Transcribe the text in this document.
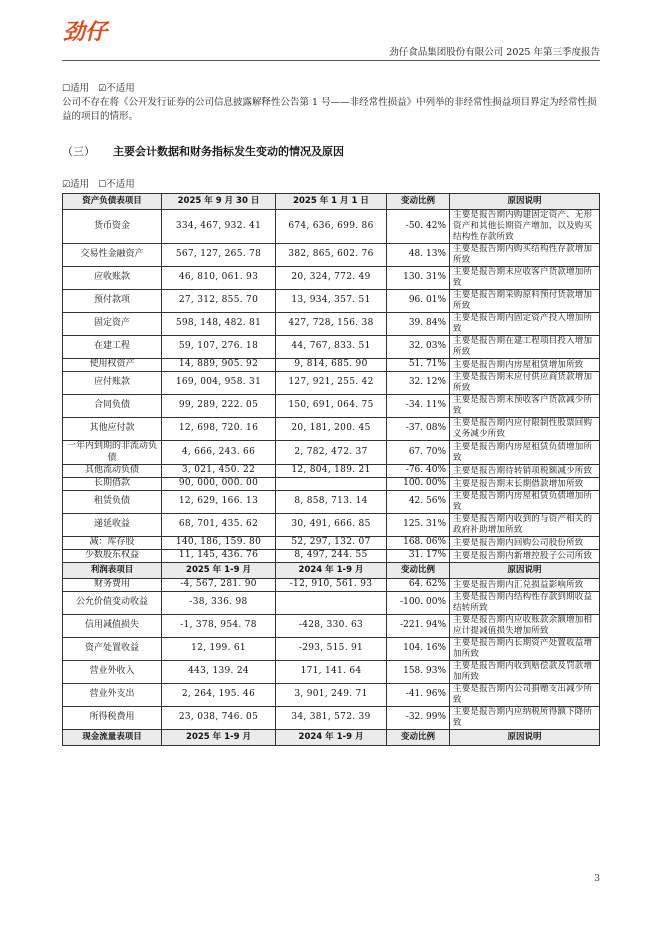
劲仔
劲仔食品集团股份有限公司 2025 年第三季度报告
☐适用 ☑不适用
公司不存在将《公开发行证券的公司信息披露解释性公告第 1 号——非经常性损益》中列举的非经常性损益项目界定为经常性损益的项目的情形。
（三） 主要会计数据和财务指标发生变动的情况及原因
☑适用 ☐不适用
资产负债表项目	2025 年 9 月 30 日	2025 年 1 月 1 日	变动比例	原因说明
货币资金	334, 467, 932. 41	674, 636, 699. 86	-50. 42%	主要是报告期内购建固定资产、无形资产和其他长期资产增加，以及购买结构性存款所致
交易性金融资产	567, 127, 265. 78	382, 865, 602. 76	48. 13%	主要是报告期内购买结构性存款增加所致
应收账款	46, 810, 061. 93	20, 324, 772. 49	130. 31%	主要是报告期末应收客户货款增加所致
预付款项	27, 312, 855. 70	13, 934, 357. 51	96. 01%	主要是报告期采购原料预付货款增加所致
固定资产	598, 148, 482. 81	427, 728, 156. 38	39. 84%	主要是报告期内固定资产投入增加所致
在建工程	59, 107, 276. 18	44, 767, 833. 51	32. 03%	主要是报告期在建工程项目投入增加所致
使用权资产	14, 889, 905. 92	9, 814, 685. 90	51. 71%	主要是报告期内房屋租赁增加所致
应付账款	169, 004, 958. 31	127, 921, 255. 42	32. 12%	主要是报告期末应付供应商货款增加所致
合同负债	99, 289, 222. 05	150, 691, 064. 75	-34. 11%	主要是报告期末预收客户货款减少所致
其他应付款	12, 698, 720. 16	20, 181, 200. 45	-37. 08%	主要是报告期内应付限制性股票回购义务减少所致
一年内到期的非流动负债	4, 666, 243. 66	2, 782, 472. 37	67. 70%	主要是报告期内房屋租赁负债增加所致
其他流动负债	3, 021, 450. 22	12, 804, 189. 21	-76. 40%	主要是报告期待转销项税额减少所致
长期借款	90, 000, 000. 00		100. 00%	主要是报告期末长期借款增加所致
租赁负债	12, 629, 166. 13	8, 858, 713. 14	42. 56%	主要是报告期内房屋租赁负债增加所致
递延收益	68, 701, 435. 62	30, 491, 666. 85	125. 31%	主要是报告期内收到的与资产相关的政府补助增加所致
减：库存股	140, 186, 159. 80	52, 297, 132. 07	168. 06%	主要是报告期内回购公司股份所致
少数股东权益	11, 145, 436. 76	8, 497, 244. 55	31. 17%	主要是报告期内新增控股子公司所致
利润表项目	2025 年 1-9 月	2024 年 1-9 月	变动比例	原因说明
财务费用	-4, 567, 281. 90	-12, 910, 561. 93	64. 62%	主要是报告期内汇兑损益影响所致
公允价值变动收益	-38, 336. 98		-100. 00%	主要是报告期内结构性存款到期收益结转所致
信用减值损失	-1, 378, 954. 78	-428, 330. 63	-221. 94%	主要是报告期内应收账款余额增加相应计提减值损失增加所致
资产处置收益	12, 199. 61	-293, 515. 91	104. 16%	主要是报告期内长期资产处置收益增加所致
营业外收入	443, 139. 24	171, 141. 64	158. 93%	主要是报告期内收到赔偿款及罚款增加所致
营业外支出	2, 264, 195. 46	3, 901, 249. 71	-41. 96%	主要是报告期内公司捐赠支出减少所致
所得税费用	23, 038, 746. 05	34, 381, 572. 39	-32. 99%	主要是报告期内应纳税所得额下降所致
现金流量表项目	2025 年 1-9 月	2024 年 1-9 月	变动比例	原因说明
3
